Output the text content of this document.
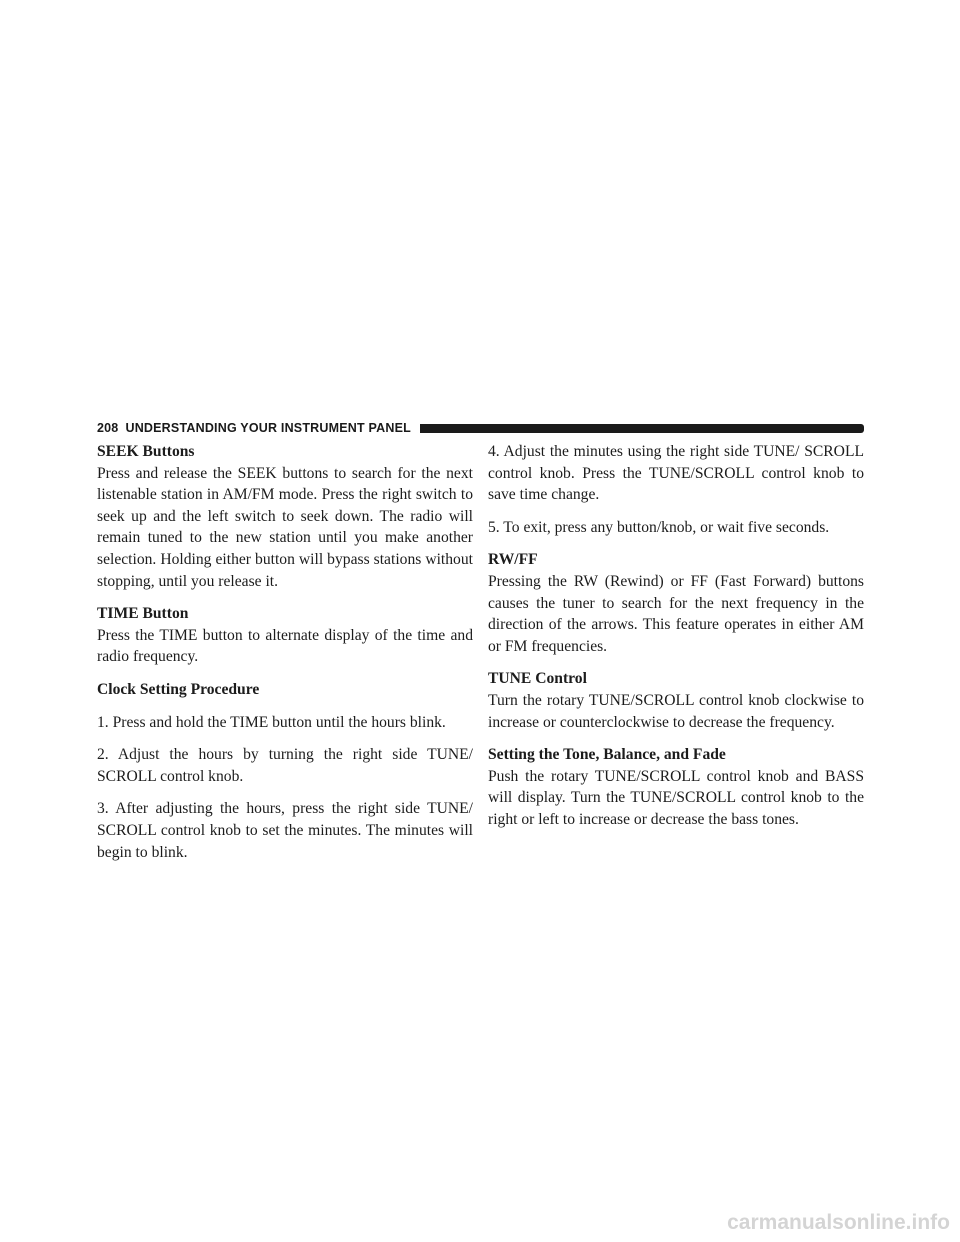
208 UNDERSTANDING YOUR INSTRUMENT PANEL
SEEK Buttons

Press and release the SEEK buttons to search for the next listenable station in AM/FM mode. Press the right switch to seek up and the left switch to seek down. The radio will remain tuned to the new station until you make another selection. Holding either button will bypass stations without stopping, until you release it.

TIME Button

Press the TIME button to alternate display of the time and radio frequency.

Clock Setting Procedure

1. Press and hold the TIME button until the hours blink.

2. Adjust the hours by turning the right side TUNE/ SCROLL control knob.

3. After adjusting the hours, press the right side TUNE/ SCROLL control knob to set the minutes. The minutes will begin to blink.

4. Adjust the minutes using the right side TUNE/ SCROLL control knob. Press the TUNE/SCROLL control knob to save time change.

5. To exit, press any button/knob, or wait five seconds.

RW/FF

Pressing the RW (Rewind) or FF (Fast Forward) buttons causes the tuner to search for the next frequency in the direction of the arrows. This feature operates in either AM or FM frequencies.

TUNE Control

Turn the rotary TUNE/SCROLL control knob clockwise to increase or counterclockwise to decrease the frequency.

Setting the Tone, Balance, and Fade

Push the rotary TUNE/SCROLL control knob and BASS will display. Turn the TUNE/SCROLL control knob to the right or left to increase or decrease the bass tones.

carmanualsonline.info
